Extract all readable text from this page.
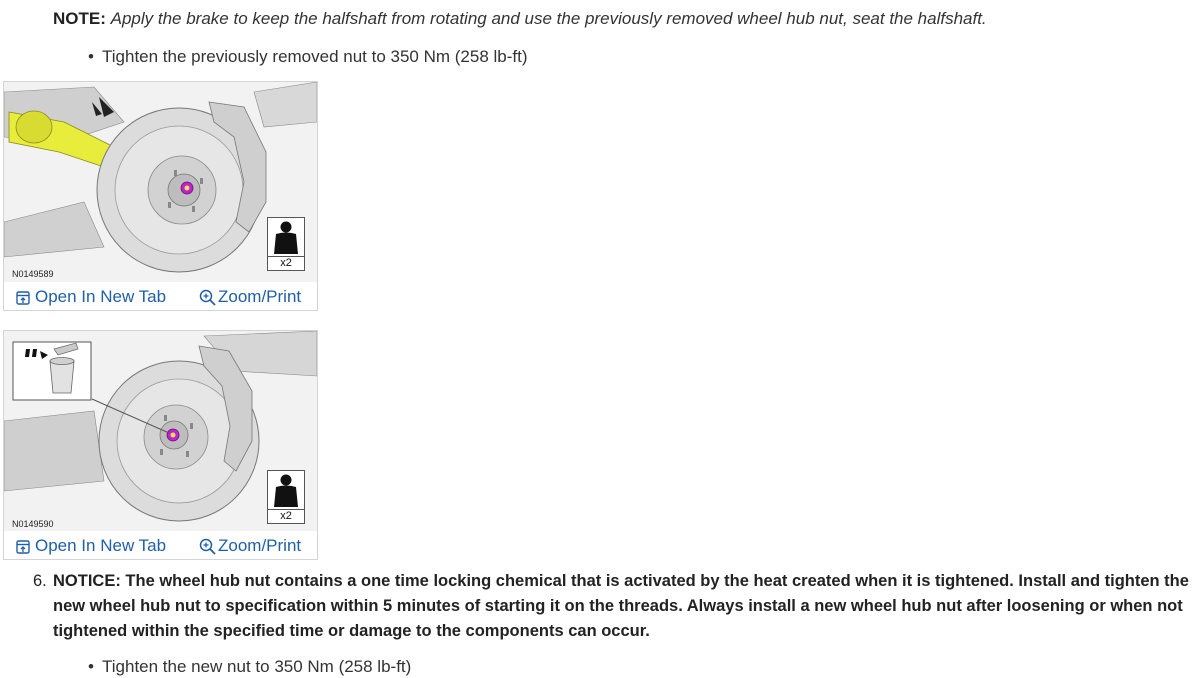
NOTE: Apply the brake to keep the halfshaft from rotating and use the previously removed wheel hub nut, seat the halfshaft.
• Tighten the previously removed nut to 350 Nm (258 lb-ft)
x2
N0149589
Open In New Tab	Zoom/Print
x2
N0149590
Open In New Tab	Zoom/Print
6. NOTICE: The wheel hub nut contains a one time locking chemical that is activated by the heat created when it is tightened. Install and tighten the new wheel hub nut to specification within 5 minutes of starting it on the threads. Always install a new wheel hub nut after loosening or when not tightened within the specified time or damage to the components can occur.
• Tighten the new nut to 350 Nm (258 lb-ft)
